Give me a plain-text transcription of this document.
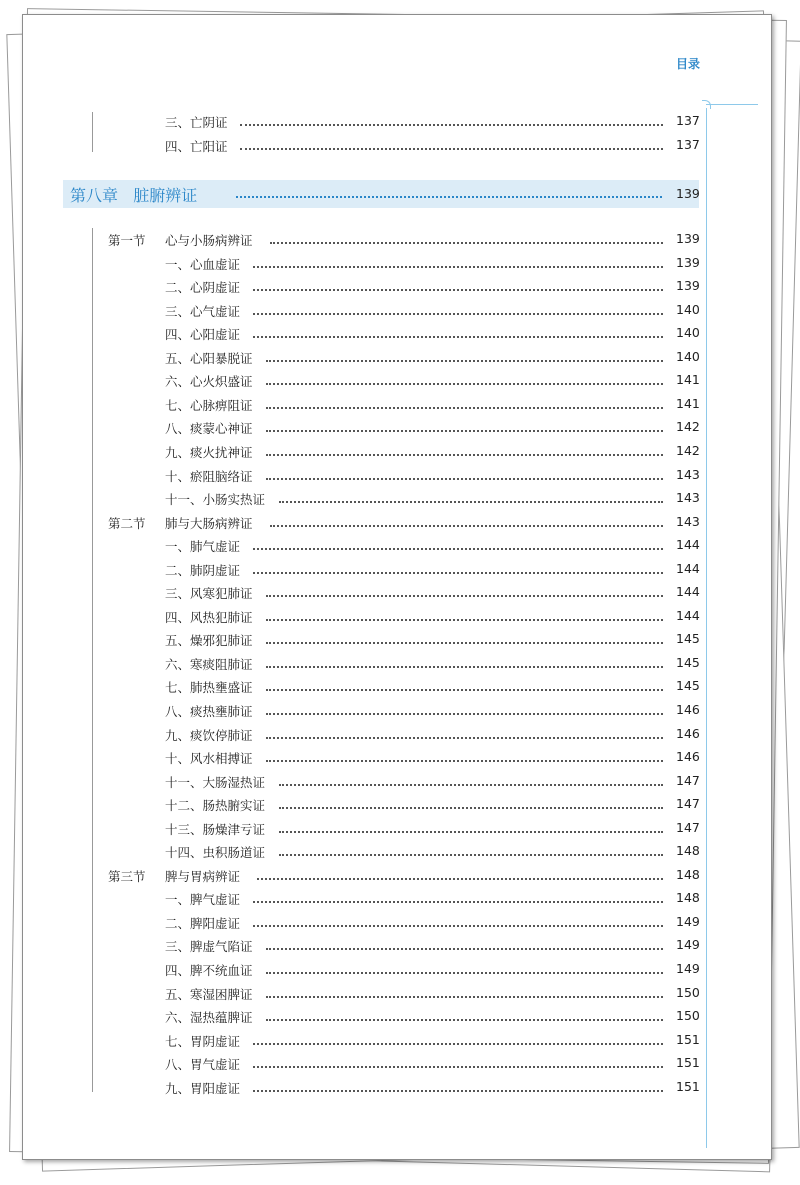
目录
第八章 脏腑辨证	139
三、亡阴证	137
四、亡阳证	137
第一节 心与小肠病辨证	139
一、心血虚证	139
二、心阴虚证	139
三、心气虚证	140
四、心阳虚证	140
五、心阳暴脱证	140
六、心火炽盛证	141
七、心脉痹阻证	141
八、痰蒙心神证	142
九、痰火扰神证	142
十、瘀阻脑络证	143
十一、小肠实热证	143
第二节 肺与大肠病辨证	143
一、肺气虚证	144
二、肺阴虚证	144
三、风寒犯肺证	144
四、风热犯肺证	144
五、燥邪犯肺证	145
六、寒痰阻肺证	145
七、肺热壅盛证	145
八、痰热壅肺证	146
九、痰饮停肺证	146
十、风水相搏证	146
十一、大肠湿热证	147
十二、肠热腑实证	147
十三、肠燥津亏证	147
十四、虫积肠道证	148
第三节 脾与胃病辨证	148
一、脾气虚证	148
二、脾阳虚证	149
三、脾虚气陷证	149
四、脾不统血证	149
五、寒湿困脾证	150
六、湿热蕴脾证	150
七、胃阴虚证	151
八、胃气虚证	151
九、胃阳虚证	151
